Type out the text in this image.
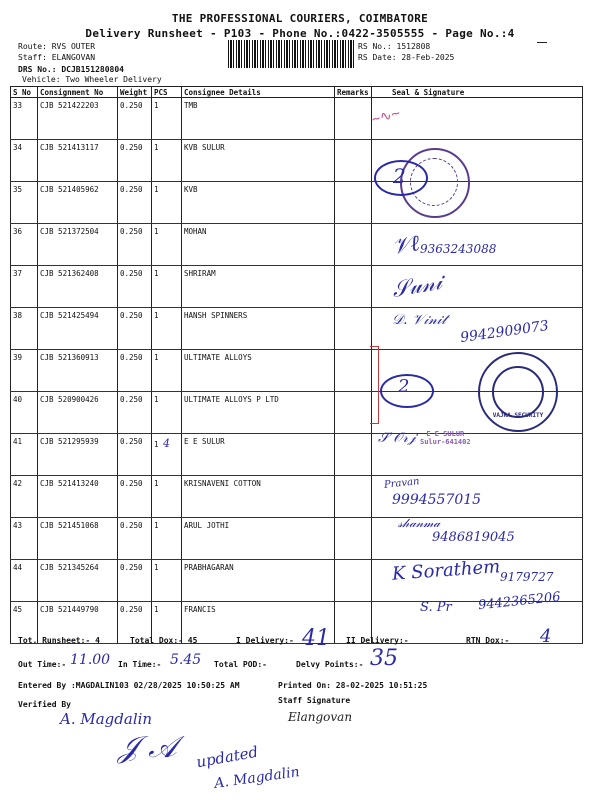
THE PROFESSIONAL COURIERS, COIMBATORE
Delivery Runsheet - P103 - Phone No.:0422-3505555 - Page No.:4
Route: RVS OUTER
Staff: ELANGOVAN
DRS No.: DCJB151280804
Vehicle: Two Wheeler Delivery
RS No.: 1512808
RS Date: 28-Feb-2025
S No	Consignment No	Weight	PCS	Consignee Details	Remarks	Seal & Signature
33	CJB 521422203	0.250	1	TMB		
34	CJB 521413117	0.250	1	KVB SULUR		
35	CJB 521405962	0.250	1	KVB		
36	CJB 521372504	0.250	1	MOHAN		
37	CJB 521362408	0.250	1	SHRIRAM		
38	CJB 521425494	0.250	1	HANSH SPINNERS		
39	CJB 521360913	0.250	1	ULTIMATE ALLOYS		
40	CJB 520900426	0.250	1	ULTIMATE ALLOYS P LTD		
41	CJB 521295939	0.250	1 4	E E SULUR		
42	CJB 521413240	0.250	1	KRISNAVENI COTTON		
43	CJB 521451068	0.250	1	ARUL JOTHI		
44	CJB 521345264	0.250	1	PRABHAGARAN		
45	CJB 521449790	0.250	1	FRANCIS		
~∿~
2
9363243088
𝒱ℓ
𝒮𝓊𝓃𝒾
𝒟. 𝒱𝒾𝓃𝒾𝓉 9942909073
2
VAJRA SECURITY
𝒮 𝒪𝓇𝒿	E E SULUR
Sulur-641402
Pravan
9994557015
𝓈𝒽𝒶𝓃𝓂𝒶
9486819045
K Sorathem 9179727
S. Pr 9442365206
Tot. Runsheet:- 4	Total Dox:- 45	I Delivery:- 41 II Delivery:-	RTN Dox:- 4
Out Time:- 11.00 In Time:- 5.45 Total POD:-	Delvy Points:- 35
Entered By :MAGDALIN103 02/28/2025 10:50:25 AM	Printed On: 28-02-2025 10:51:25
Verified By	Staff Signature
A. Magdalin	Elangovan
𝒥 𝒜 updated
A. Magdalin
